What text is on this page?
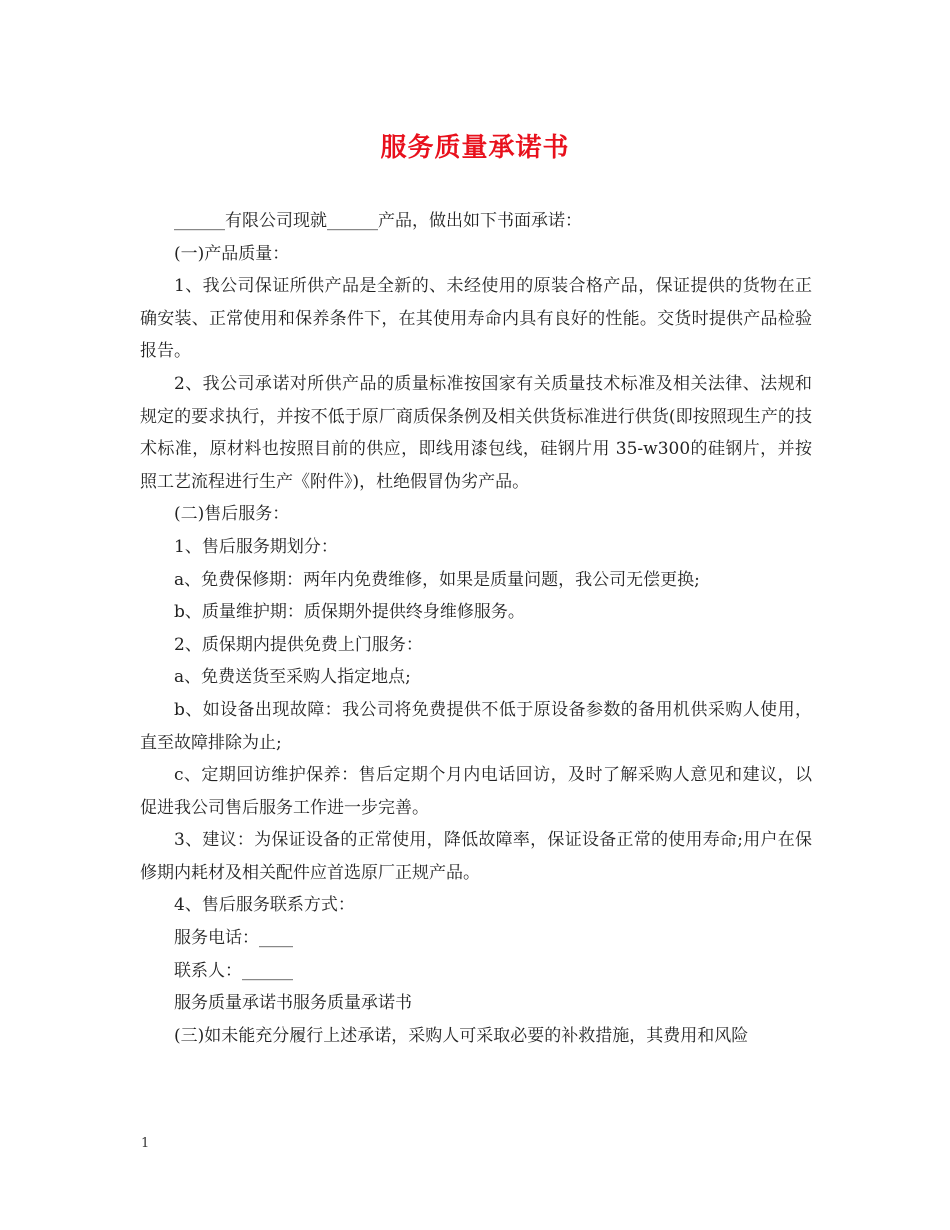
服务质量承诺书

______有限公司现就______产品，做出如下书面承诺：

(一)产品质量：

1、我公司保证所供产品是全新的、未经使用的原装合格产品，保证提供的货物在正确安装、正常使用和保养条件下，在其使用寿命内具有良好的性能。交货时提供产品检验报告。

2、我公司承诺对所供产品的质量标准按国家有关质量技术标准及相关法律、法规和规定的要求执行，并按不低于原厂商质保条例及相关供货标准进行供货(即按照现生产的技术标准，原材料也按照目前的供应，即线用漆包线，硅钢片用 35-w300的硅钢片，并按照工艺流程进行生产《附件》)，杜绝假冒伪劣产品。

(二)售后服务：

1、售后服务期划分：

a、免费保修期：两年内免费维修，如果是质量问题，我公司无偿更换;

b、质量维护期：质保期外提供终身维修服务。

2、质保期内提供免费上门服务：

a、免费送货至采购人指定地点;

b、如设备出现故障：我公司将免费提供不低于原设备参数的备用机供采购人使用，直至故障排除为止;

c、定期回访维护保养：售后定期个月内电话回访，及时了解采购人意见和建议，以促进我公司售后服务工作进一步完善。

3、建议：为保证设备的正常使用，降低故障率，保证设备正常的使用寿命;用户在保修期内耗材及相关配件应首选原厂正规产品。

4、售后服务联系方式：

服务电话：____

联系人：______

服务质量承诺书服务质量承诺书

(三)如未能充分履行上述承诺，采购人可采取必要的补救措施，其费用和风险

1
